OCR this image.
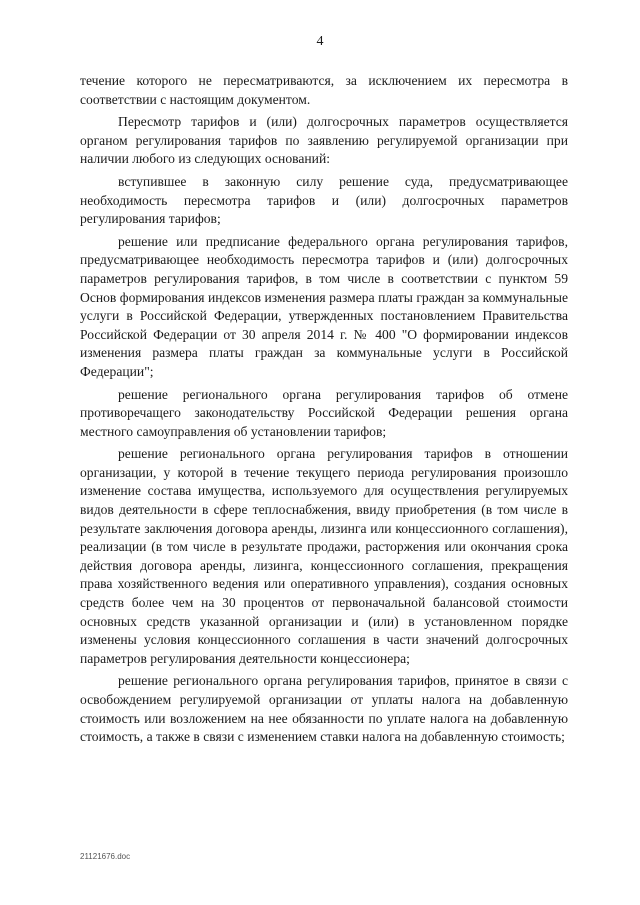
4

течение которого не пересматриваются, за исключением их пересмотра в соответствии с настоящим документом.

Пересмотр тарифов и (или) долгосрочных параметров осуществляется органом регулирования тарифов по заявлению регулируемой организации при наличии любого из следующих оснований:

вступившее в законную силу решение суда, предусматривающее необходимость пересмотра тарифов и (или) долгосрочных параметров регулирования тарифов;

решение или предписание федерального органа регулирования тарифов, предусматривающее необходимость пересмотра тарифов и (или) долгосрочных параметров регулирования тарифов, в том числе в соответствии с пунктом 59 Основ формирования индексов изменения размера платы граждан за коммунальные услуги в Российской Федерации, утвержденных постановлением Правительства Российской Федерации от 30 апреля 2014 г. № 400 "О формировании индексов изменения размера платы граждан за коммунальные услуги в Российской Федерации";

решение регионального органа регулирования тарифов об отмене противоречащего законодательству Российской Федерации решения органа местного самоуправления об установлении тарифов;

решение регионального органа регулирования тарифов в отношении организации, у которой в течение текущего периода регулирования произошло изменение состава имущества, используемого для осуществления регулируемых видов деятельности в сфере теплоснабжения, ввиду приобретения (в том числе в результате заключения договора аренды, лизинга или концессионного соглашения), реализации (в том числе в результате продажи, расторжения или окончания срока действия договора аренды, лизинга, концессионного соглашения, прекращения права хозяйственного ведения или оперативного управления), создания основных средств более чем на 30 процентов от первоначальной балансовой стоимости основных средств указанной организации и (или) в установленном порядке изменены условия концессионного соглашения в части значений долгосрочных параметров регулирования деятельности концессионера;

решение регионального органа регулирования тарифов, принятое в связи с освобождением регулируемой организации от уплаты налога на добавленную стоимость или возложением на нее обязанности по уплате налога на добавленную стоимость, а также в связи с изменением ставки налога на добавленную стоимость;

21121676.doc
